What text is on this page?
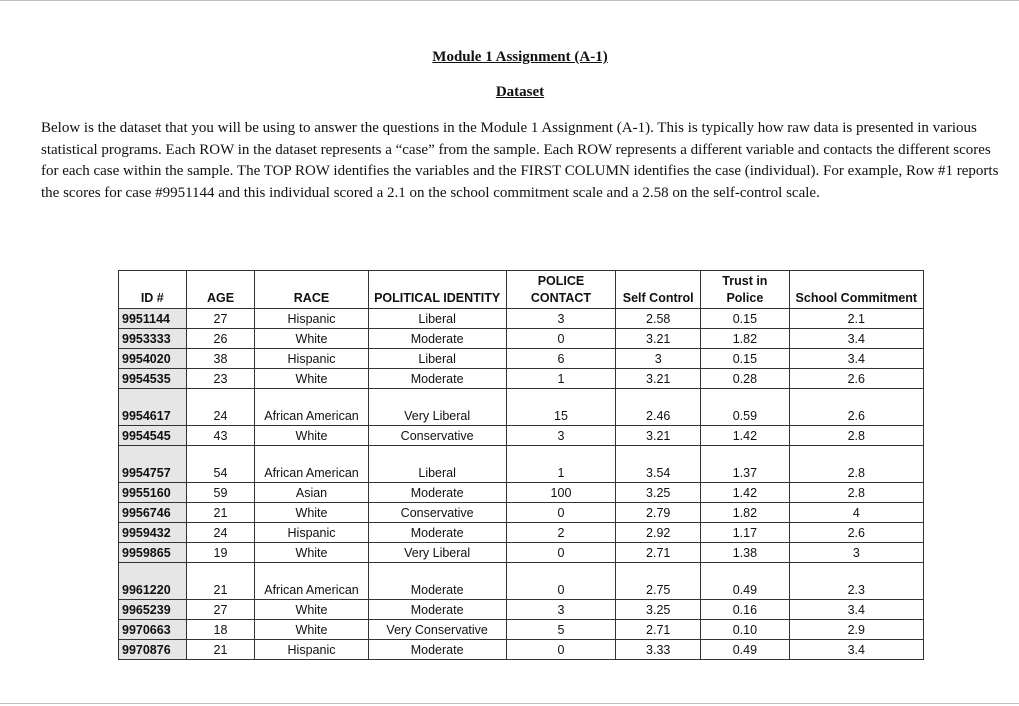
Module 1 Assignment (A-1)
Dataset

Below is the dataset that you will be using to answer the questions in the Module 1 Assignment (A-1). This is typically how raw data is presented in various statistical programs. Each ROW in the dataset represents a “case” from the sample. Each ROW represents a different variable and contacts the different scores for each case within the sample. The TOP ROW identifies the variables and the FIRST COLUMN identifies the case (individual). For example, Row #1 reports the scores for case #9951144 and this individual scored a 2.1 on the school commitment scale and a 2.58 on the self-control scale.

ID #	AGE	RACE	POLITICAL IDENTITY	POLICE CONTACT	Self Control	Trust in Police	School Commitment
9951144	27	Hispanic	Liberal	3	2.58	0.15	2.1
9953333	26	White	Moderate	0	3.21	1.82	3.4
9954020	38	Hispanic	Liberal	6	3	0.15	3.4
9954535	23	White	Moderate	1	3.21	0.28	2.6
9954617	24	African American	Very Liberal	15	2.46	0.59	2.6
9954545	43	White	Conservative	3	3.21	1.42	2.8
9954757	54	African American	Liberal	1	3.54	1.37	2.8
9955160	59	Asian	Moderate	100	3.25	1.42	2.8
9956746	21	White	Conservative	0	2.79	1.82	4
9959432	24	Hispanic	Moderate	2	2.92	1.17	2.6
9959865	19	White	Very Liberal	0	2.71	1.38	3
9961220	21	African American	Moderate	0	2.75	0.49	2.3
9965239	27	White	Moderate	3	3.25	0.16	3.4
9970663	18	White	Very Conservative	5	2.71	0.10	2.9
9970876	21	Hispanic	Moderate	0	3.33	0.49	3.4
